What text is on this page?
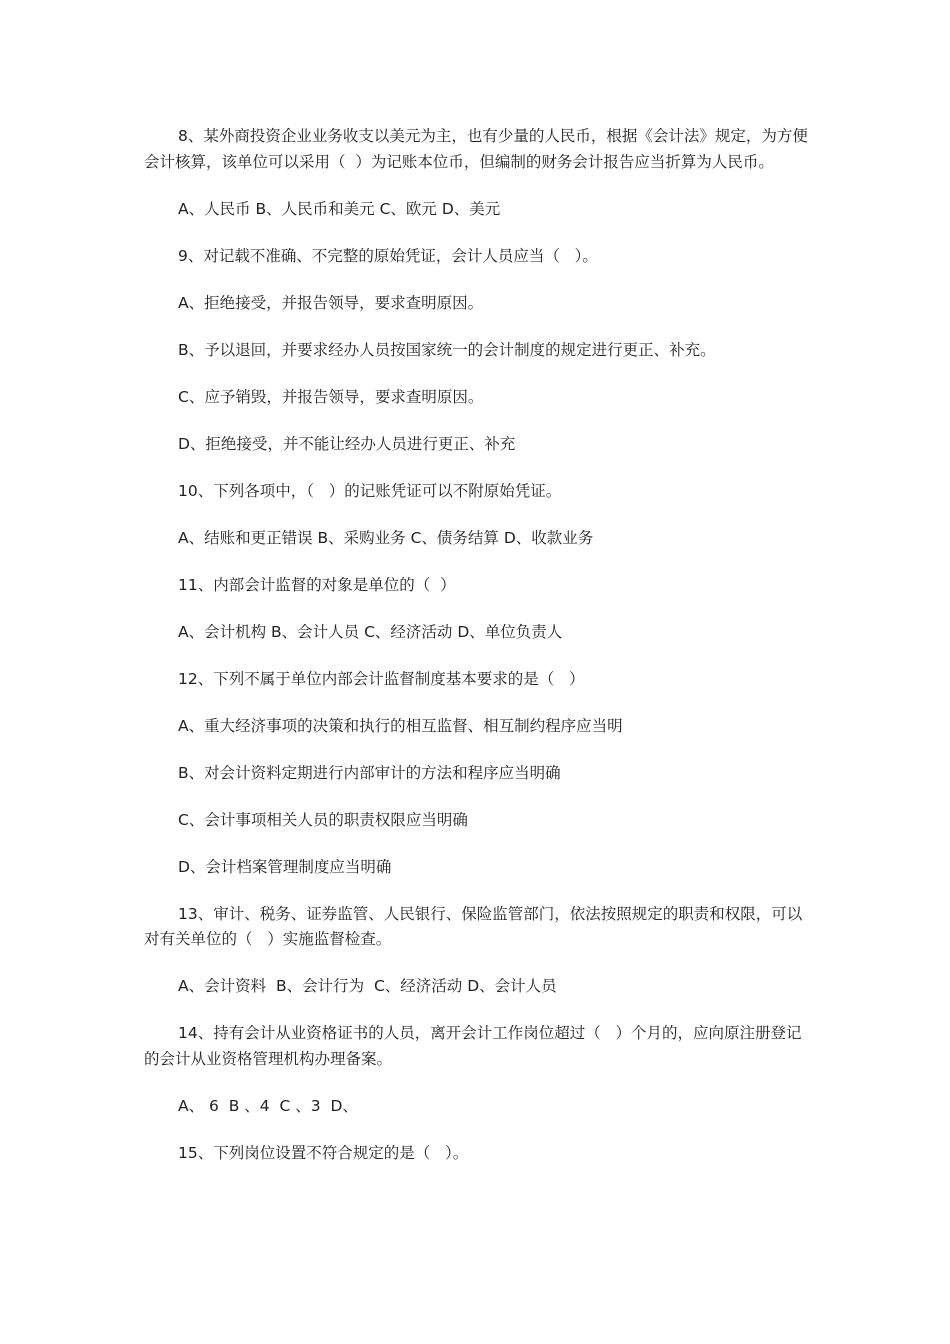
8、某外商投资企业业务收支以美元为主，也有少量的人民币，根据《会计法》规定，为方便会计核算，该单位可以采用（  ）为记账本位币，但编制的财务会计报告应当折算为人民币。

A、人民币 B、人民币和美元 C、欧元 D、美元

9、对记载不准确、不完整的原始凭证，会计人员应当（   ）。

A、拒绝接受，并报告领导，要求查明原因。

B、予以退回，并要求经办人员按国家统一的会计制度的规定进行更正、补充。

C、应予销毁，并报告领导，要求查明原因。

D、拒绝接受，并不能让经办人员进行更正、补充

10、下列各项中，（   ）的记账凭证可以不附原始凭证。

A、结账和更正错误 B、采购业务 C、债务结算 D、收款业务

11、内部会计监督的对象是单位的（  ）

A、会计机构 B、会计人员 C、经济活动 D、单位负责人

12、下列不属于单位内部会计监督制度基本要求的是（   ）

A、重大经济事项的决策和执行的相互监督、相互制约程序应当明

B、对会计资料定期进行内部审计的方法和程序应当明确

C、会计事项相关人员的职责权限应当明确

D、会计档案管理制度应当明确

13、审计、税务、证券监管、人民银行、保险监管部门，依法按照规定的职责和权限，可以对有关单位的（   ）实施监督检查。

A、会计资料  B、会计行为  C、经济活动 D、会计人员

14、持有会计从业资格证书的人员，离开会计工作岗位超过（   ）个月的，应向原注册登记的会计从业资格管理机构办理备案。

A、 6  B 、4  C 、3  D、

15、下列岗位设置不符合规定的是（   ）。
